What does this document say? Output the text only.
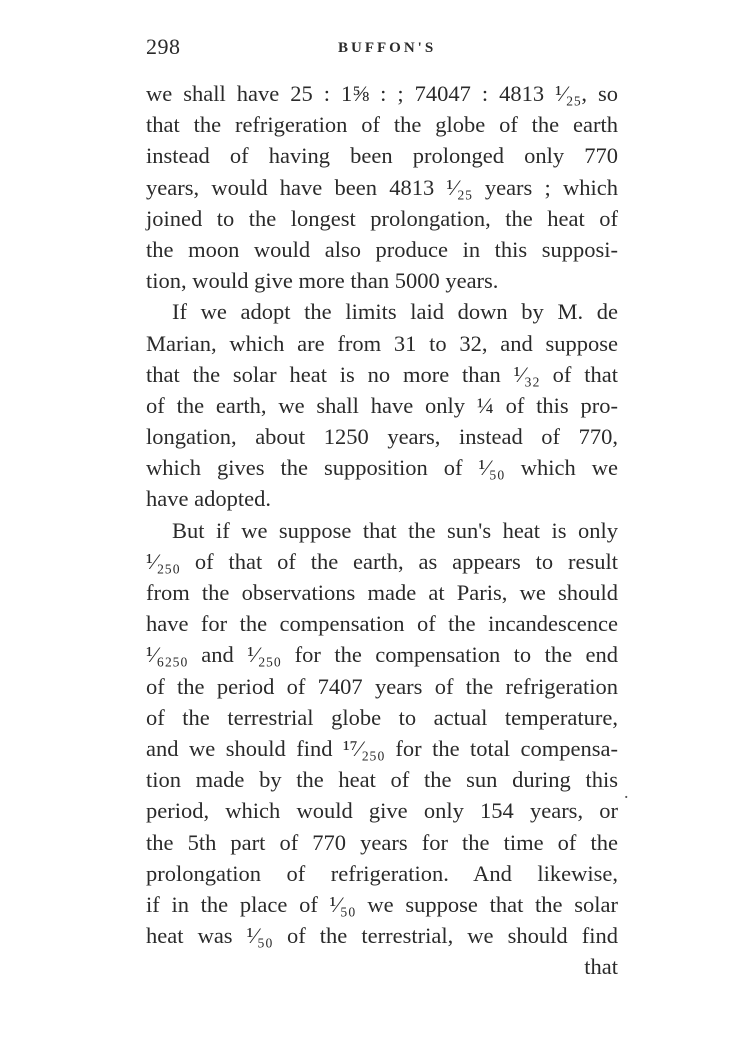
298	BUFFON'S
we shall have 25 : 1⅝ : ; 74047 : 4813 ¹⁄₂₅, so
that the refrigeration of the globe of the earth
instead of having been prolonged only 770
years, would have been 4813 ¹⁄₂₅ years ; which
joined to the longest prolongation, the heat of
the moon would also produce in this supposi-
tion, would give more than 5000 years.
If we adopt the limits laid down by M. de
Marian, which are from 31 to 32, and suppose
that the solar heat is no more than ¹⁄₃₂ of that
of the earth, we shall have only ¼ of this pro-
longation, about 1250 years, instead of 770,
which gives the supposition of ¹⁄₅₀ which we
have adopted.
But if we suppose that the sun's heat is only
¹⁄₂₅₀ of that of the earth, as appears to result
from the observations made at Paris, we should
have for the compensation of the incandescence
¹⁄₆₂₅₀ and ¹⁄₂₅₀ for the compensation to the end
of the period of 7407 years of the refrigeration
of the terrestrial globe to actual temperature,
and we should find ¹⁷⁄₂₅₀ for the total compensa-
tion made by the heat of the sun during this
period, which would give only 154 years, or
the 5th part of 770 years for the time of the
prolongation of refrigeration. And likewise,
if in the place of ¹⁄₅₀ we suppose that the solar
heat was ¹⁄₅₀ of the terrestrial, we should find
that
.
